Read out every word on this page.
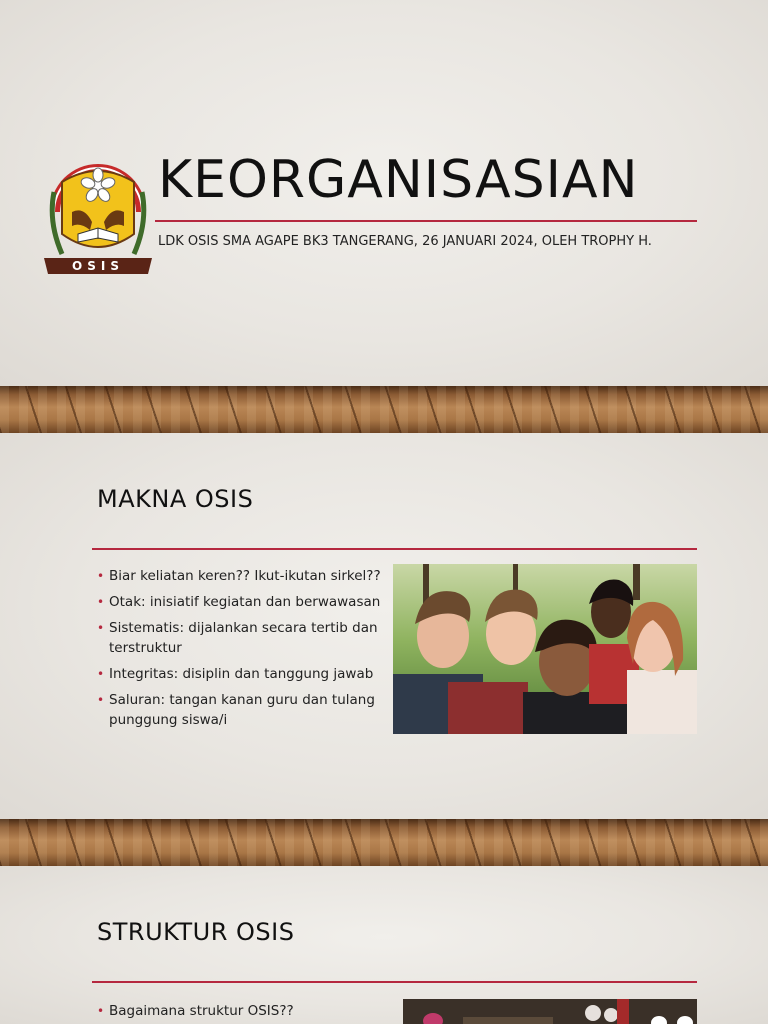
OSIS
KEORGANISASIAN
LDK OSIS SMA AGAPE BK3 TANGERANG, 26 JANUARI 2024, OLEH TROPHY H.
MAKNA OSIS
• Biar keliatan keren?? Ikut-ikutan sirkel??
• Otak: inisiatif kegiatan dan berwawasan
• Sistematis: dijalankan secara tertib dan terstruktur
• Integritas: disiplin dan tanggung jawab
• Saluran: tangan kanan guru dan tulang punggung siswa/i
STRUKTUR OSIS
• Bagaimana struktur OSIS??
